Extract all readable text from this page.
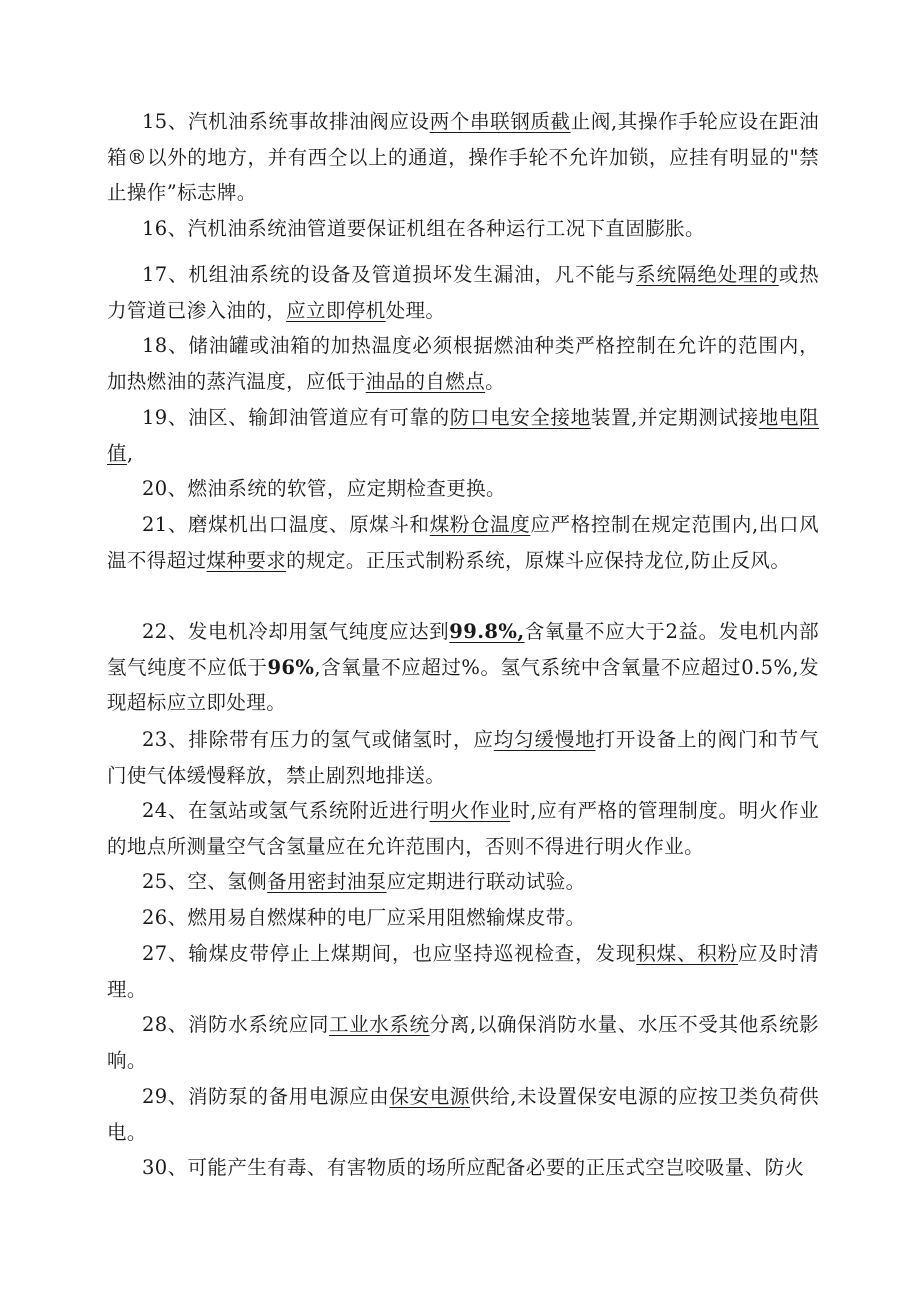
15、汽机油系统事故排油阀应设两个串联钢质截止阀,其操作手轮应设在距油箱®以外的地方，并有西仝以上的通道，操作手轮不允许加锁，应挂有明显的"禁止操作”标志牌。

16、汽机油系统油管道要保证机组在各种运行工况下直固膨胀。

17、机组油系统的设备及管道损坏发生漏油，凡不能与系统隔绝处理的或热力管道已渗入油的，应立即停机处理。

18、储油罐或油箱的加热温度必须根据燃油种类严格控制在允许的范围内，加热燃油的蒸汽温度，应低于油品的自燃点。

19、油区、输卸油管道应有可靠的防口电安全接地装置,并定期测试接地电阻值,

20、燃油系统的软管，应定期检查更换。

21、磨煤机出口温度、原煤斗和煤粉仓温度应严格控制在规定范围内,出口风温不得超过煤种要求的规定。正压式制粉系统，原煤斗应保持龙位,防止反风。

22、发电机冷却用氢气纯度应达到99.8%,含氧量不应大于2益。发电机内部氢气纯度不应低于96%,含氧量不应超过%。氢气系统中含氧量不应超过0.5%,发现超标应立即处理。

23、排除带有压力的氢气或储氢时，应均匀缓慢地打开设备上的阀门和节气门使气体缓慢释放，禁止剧烈地排送。

24、在氢站或氢气系统附近进行明火作业时,应有严格的管理制度。明火作业的地点所测量空气含氢量应在允许范围内，否则不得进行明火作业。

25、空、氢侧备用密封油泵应定期进行联动试验。

26、燃用易自燃煤种的电厂应采用阻燃输煤皮带。

27、输煤皮带停止上煤期间，也应坚持巡视检查，发现积煤、积粉应及时清理。

28、消防水系统应同工业水系统分离,以确保消防水量、水压不受其他系统影响。

29、消防泵的备用电源应由保安电源供给,未设置保安电源的应按卫类负荷供电。

30、可能产生有毒、有害物质的场所应配备必要的正压式空岂咬吸量、防火
